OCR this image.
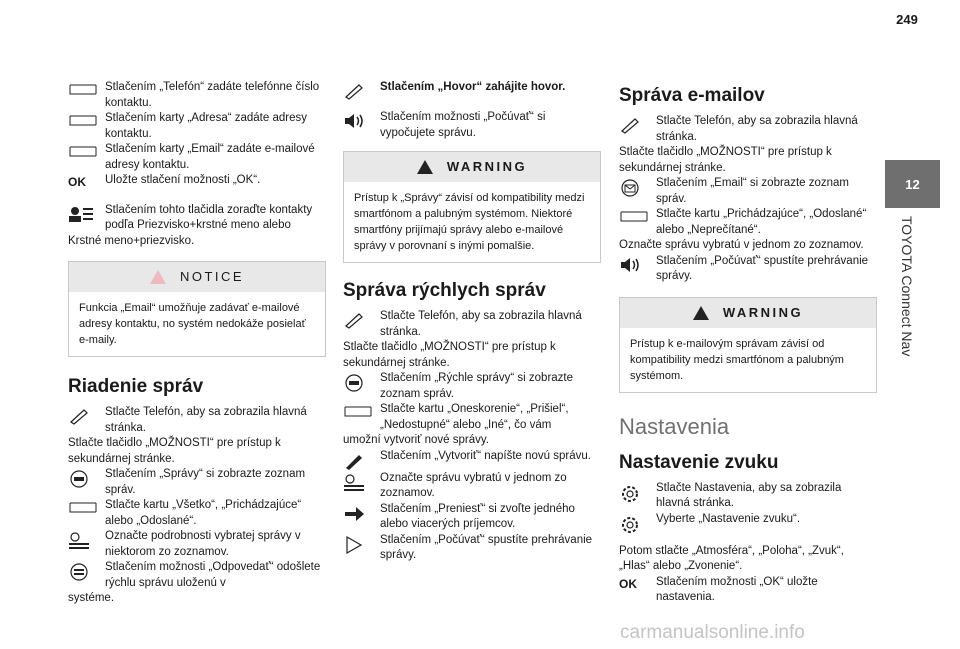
249
12
TOYOTA Connect Nav
Stlačením „Telefón“ zadáte telefónne číslo kontaktu.
Stlačením karty „Adresa“ zadáte adresy kontaktu.
Stlačením karty „Email“ zadáte e-mailové adresy kontaktu.
OK	Uložte stlačení možnosti „OK“.
Stlačením tohto tlačidla zoraďte kontakty podľa Priezvisko+krstné meno alebo

Krstné meno+priezvisko.

NOTICE
Funkcia „Email“ umožňuje zadávať e-mailové adresy kontaktu, no systém nedokáže posielať e-maily.
Riadenie správ
Stlačte Telefón, aby sa zobrazila hlavná stránka.

Stlačte tlačidlo „MOŽNOSTI“ pre prístup k sekundárnej stránke.

Stlačením „Správy“ si zobrazte zoznam správ.
Stlačte kartu „Všetko“, „Prichádzajúce“ alebo „Odoslané“.
Označte podrobnosti vybratej správy v niektorom zo zoznamov.
Stlačením možnosti „Odpovedať“ odošlete rýchlu správu uloženú v

systéme.

Stlačením „Hovor“ zahájite hovor.
Stlačením možnosti „Počúvať“ si vypočujete správu.
WARNING
Prístup k „Správy“ závisí od kompatibility medzi smartfónom a palubným systémom. Niektoré smartfóny prijímajú správy alebo e-mailové správy v porovnaní s inými pomalšie.
Správa rýchlych správ
Stlačte Telefón, aby sa zobrazila hlavná stránka.

Stlačte tlačidlo „MOŽNOSTI“ pre prístup k sekundárnej stránke.

Stlačením „Rýchle správy“ si zobrazte zoznam správ.
Stlačte kartu „Oneskorenie“, „Prišiel“, „Nedostupné“ alebo „Iné“, čo vám

umožní vytvoriť nové správy.

Stlačením „Vytvoriť“ napíšte novú správu.
Označte správu vybratú v jednom zo zoznamov.
Stlačením „Preniesť“ si zvoľte jedného alebo viacerých príjemcov.
Stlačením „Počúvať“ spustíte prehrávanie správy.
Správa e-mailov
Stlačte Telefón, aby sa zobrazila hlavná stránka.

Stlačte tlačidlo „MOŽNOSTI“ pre prístup k sekundárnej stránke.

Stlačením „Email“ si zobrazte zoznam správ.
Stlačte kartu „Prichádzajúce“, „Odoslané“ alebo „Neprečítané“.

Označte správu vybratú v jednom zo zoznamov.

Stlačením „Počúvať“ spustíte prehrávanie správy.
WARNING
Prístup k e-mailovým správam závisí od kompatibility medzi smartfónom a palubným systémom.
Nastavenia
Nastavenie zvuku
Stlačte Nastavenia, aby sa zobrazila hlavná stránka.
Vyberte „Nastavenie zvuku“.

Potom stlačte „Atmosféra“, „Poloha“, „Zvuk“, „Hlas“ alebo „Zvonenie“.

OK	Stlačením možnosti „OK“ uložte nastavenia.
carmanualsonline.info
